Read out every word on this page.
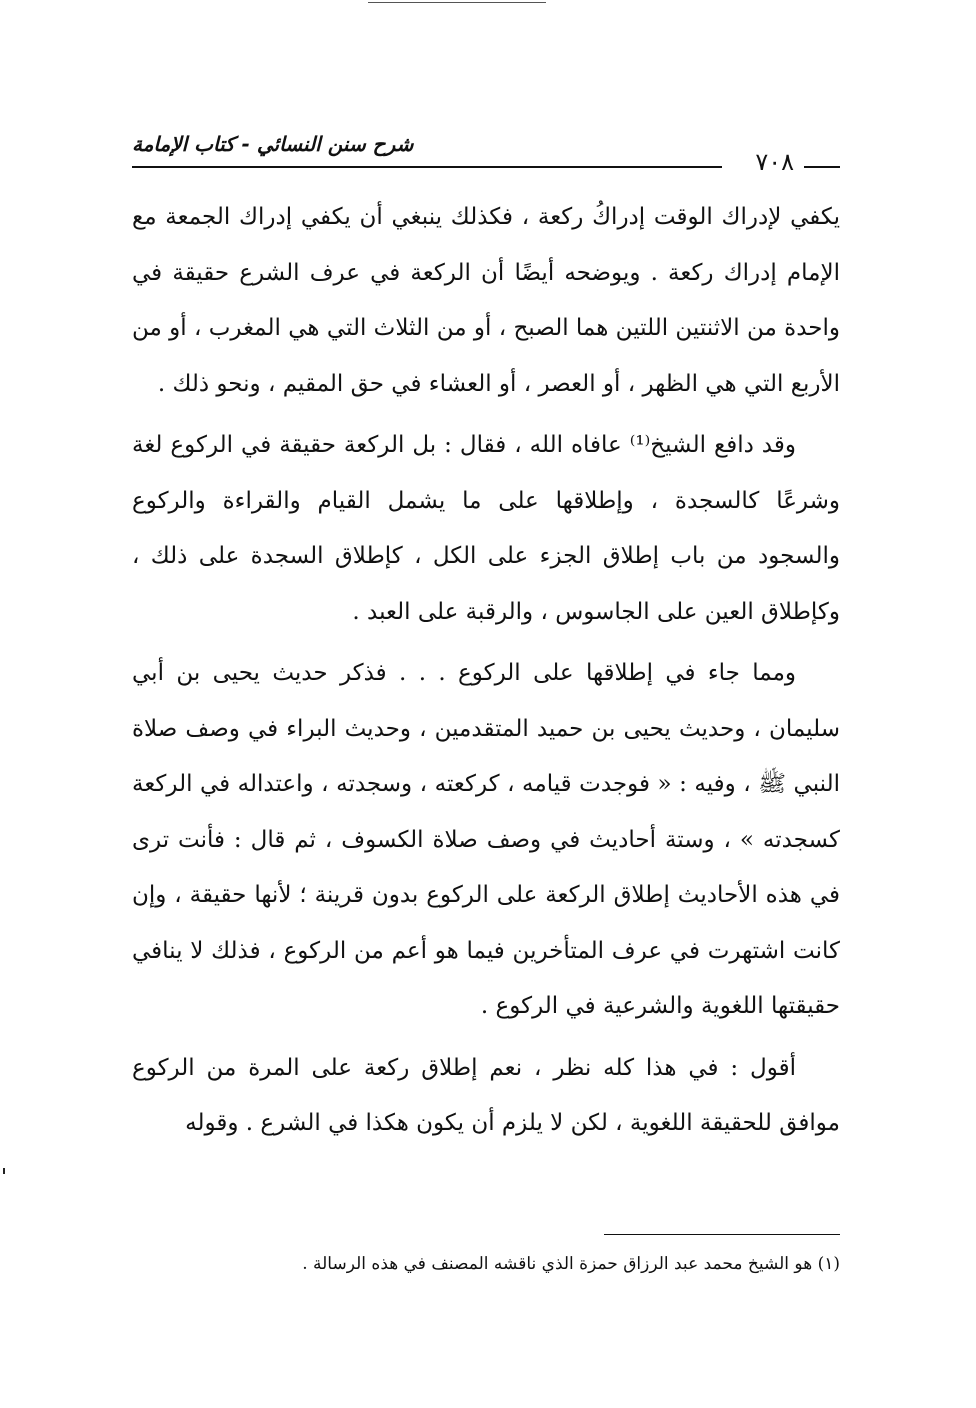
شرح سنن النسائي - كتاب الإمامة
٧٠٨

يكفي لإدراك الوقت إدراكُ ركعة ، فكذلك ينبغي أن يكفي إدراك الجمعة مع الإمام إدراك ركعة . ويوضحه أيضًا أن الركعة في عرف الشرع حقيقة في واحدة من الاثنتين اللتين هما الصبح ، أو من الثلاث التي هي المغرب ، أو من الأربع التي هي الظهر ، أو العصر ، أو العشاء في حق المقيم ، ونحو ذلك .

وقد دافع الشيخ⁽¹⁾ عافاه الله ، فقال : بل الركعة حقيقة في الركوع لغة وشرعًا كالسجدة ، وإطلاقها على ما يشمل القيام والقراءة والركوع والسجود من باب إطلاق الجزء على الكل ، كإطلاق السجدة على ذلك ، وكإطلاق العين على الجاسوس ، والرقبة على العبد .

ومما جاء في إطلاقها على الركوع . . . فذكر حديث يحيى بن أبي سليمان ، وحديث يحيى بن حميد المتقدمين ، وحديث البراء في وصف صلاة النبي ﷺ ، وفيه : « فوجدت قيامه ، كركعته ، وسجدته ، واعتداله في الركعة كسجدته » ، وستة أحاديث في وصف صلاة الكسوف ، ثم قال : فأنت ترى في هذه الأحاديث إطلاق الركعة على الركوع بدون قرينة ؛ لأنها حقيقة ، وإن كانت اشتهرت في عرف المتأخرين فيما هو أعم من الركوع ، فذلك لا ينافي حقيقتها اللغوية والشرعية في الركوع .

أقول : في هذا كله نظر ، نعم إطلاق ركعة على المرة من الركوع موافق للحقيقة اللغوية ، لكن لا يلزم أن يكون هكذا في الشرع . وقوله

(١) هو الشيخ محمد عبد الرزاق حمزة الذي ناقشه المصنف في هذه الرسالة .
